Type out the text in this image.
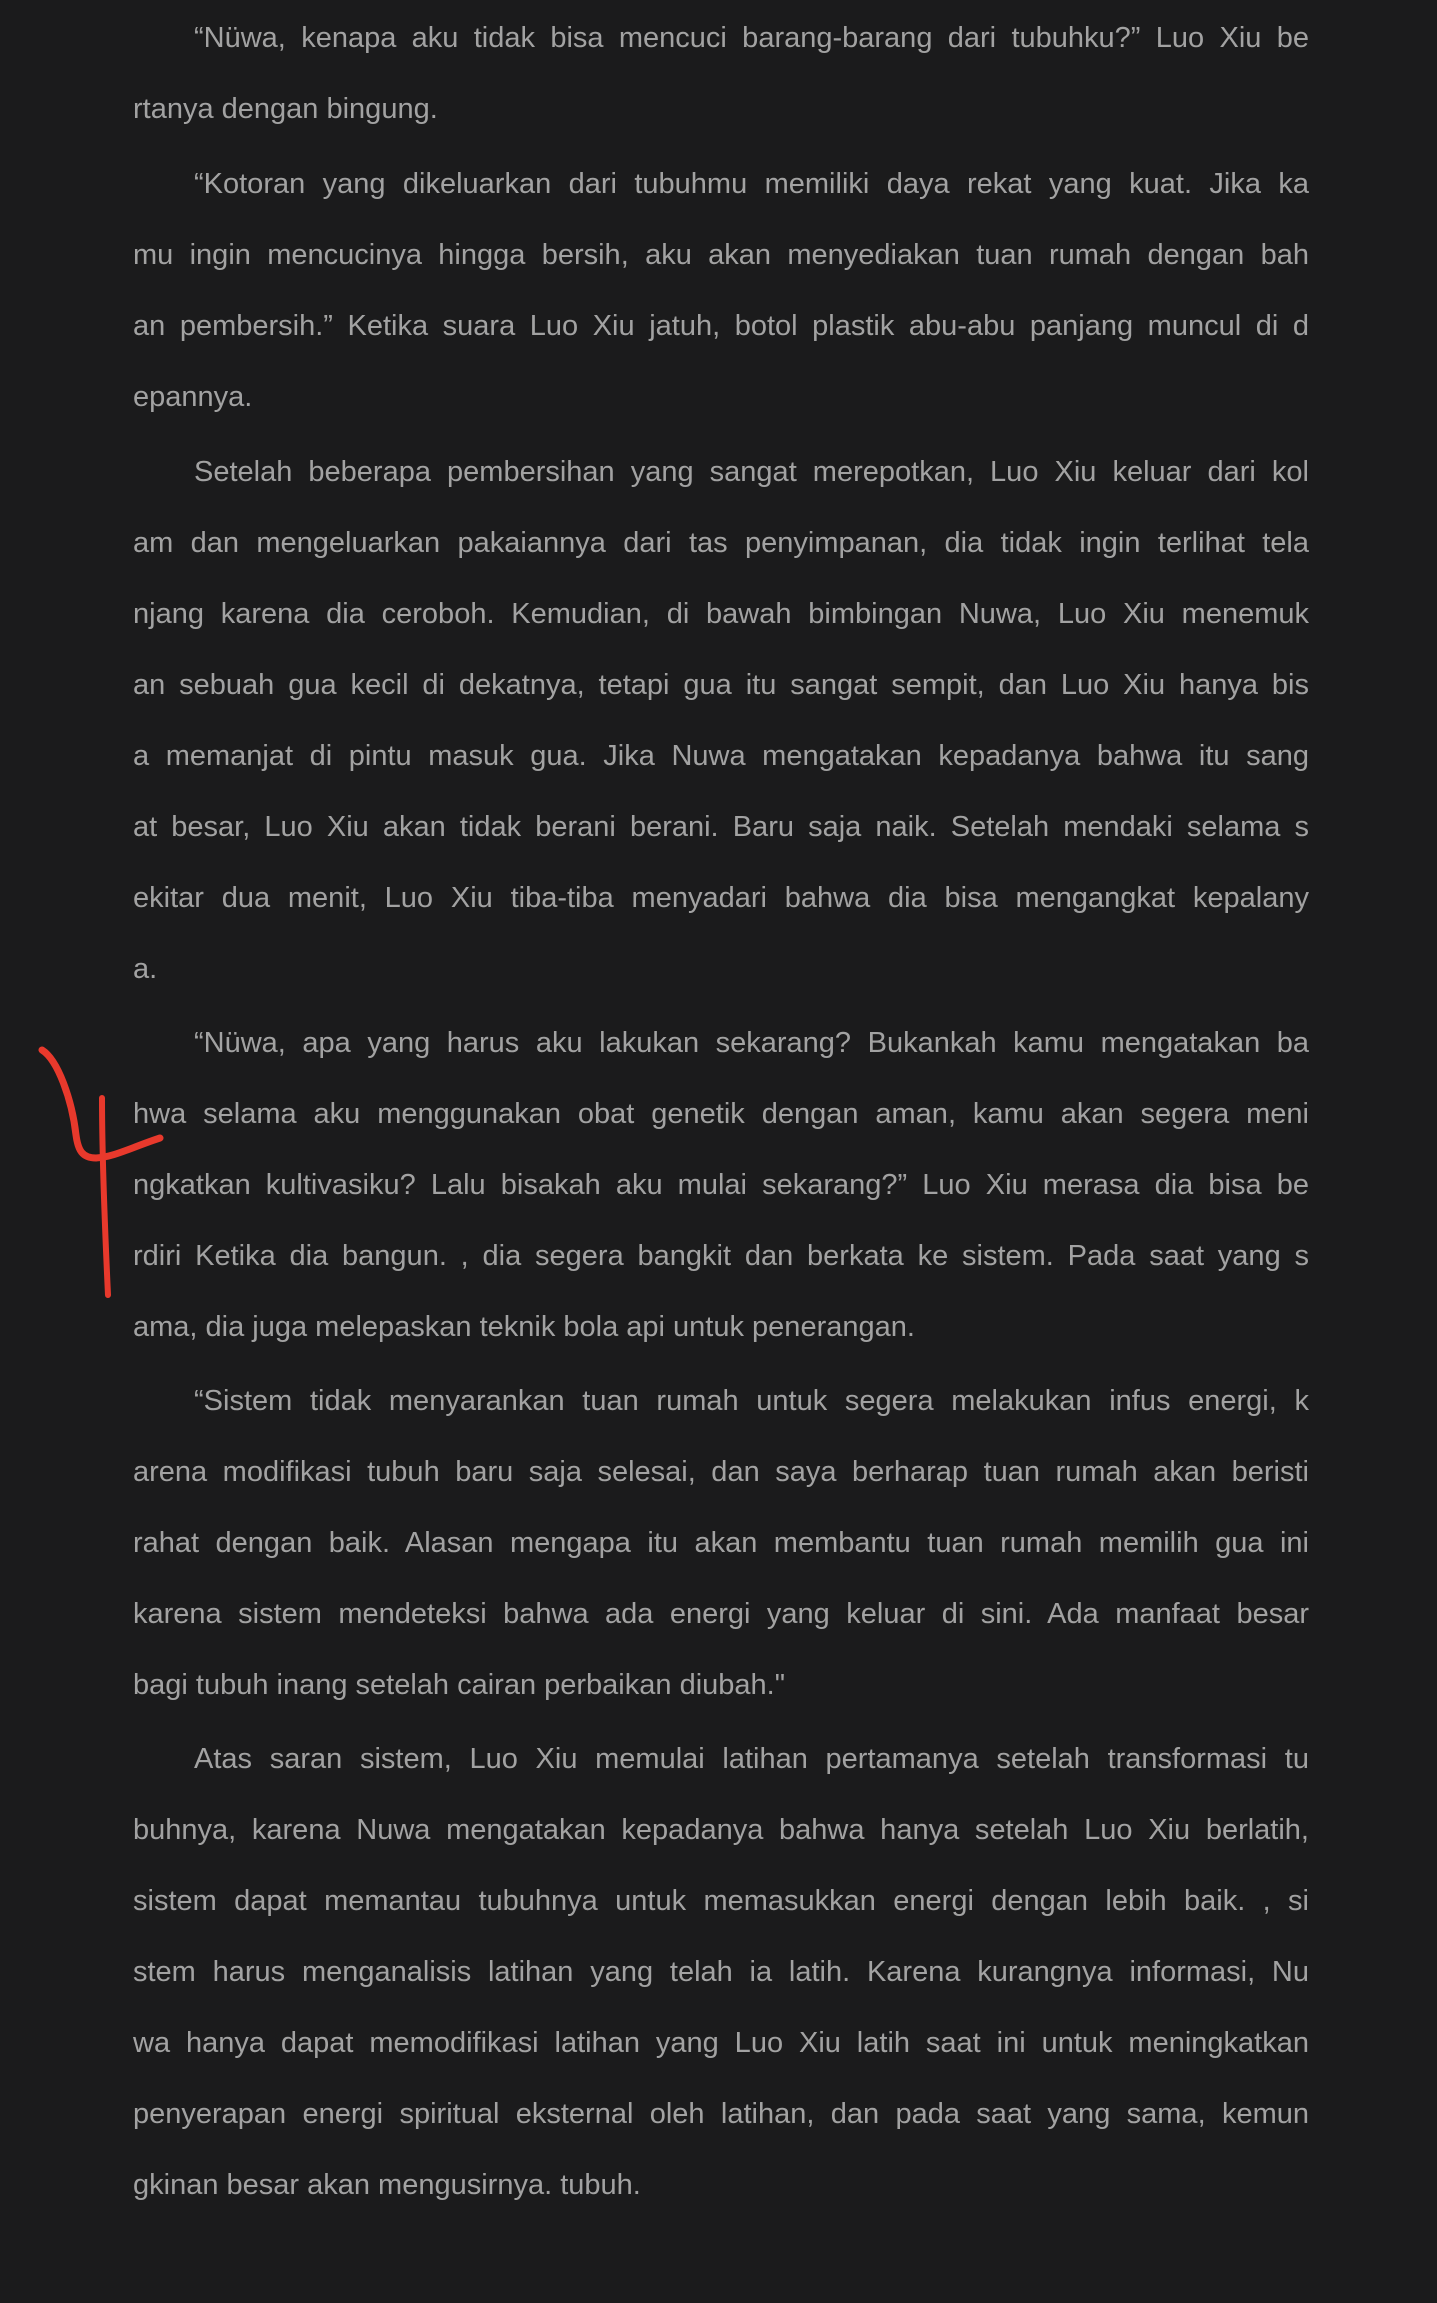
“Nüwa, kenapa aku tidak bisa mencuci barang-barang dari tubuhku?” Luo Xiu be
rtanya dengan bingung.
“Kotoran yang dikeluarkan dari tubuhmu memiliki daya rekat yang kuat. Jika ka
mu ingin mencucinya hingga bersih, aku akan menyediakan tuan rumah dengan bah
an pembersih.” Ketika suara Luo Xiu jatuh, botol plastik abu-abu panjang muncul di d
epannya.
Setelah beberapa pembersihan yang sangat merepotkan, Luo Xiu keluar dari kol
am dan mengeluarkan pakaiannya dari tas penyimpanan, dia tidak ingin terlihat tela
njang karena dia ceroboh. Kemudian, di bawah bimbingan Nuwa, Luo Xiu menemuk
an sebuah gua kecil di dekatnya, tetapi gua itu sangat sempit, dan Luo Xiu hanya bis
a memanjat di pintu masuk gua. Jika Nuwa mengatakan kepadanya bahwa itu sang
at besar, Luo Xiu akan tidak berani berani. Baru saja naik. Setelah mendaki selama s
ekitar dua menit, Luo Xiu tiba-tiba menyadari bahwa dia bisa mengangkat kepalany
a.
“Nüwa, apa yang harus aku lakukan sekarang? Bukankah kamu mengatakan ba
hwa selama aku menggunakan obat genetik dengan aman, kamu akan segera meni
ngkatkan kultivasiku? Lalu bisakah aku mulai sekarang?” Luo Xiu merasa dia bisa be
rdiri Ketika dia bangun. , dia segera bangkit dan berkata ke sistem. Pada saat yang s
ama, dia juga melepaskan teknik bola api untuk penerangan.
“Sistem tidak menyarankan tuan rumah untuk segera melakukan infus energi, k
arena modifikasi tubuh baru saja selesai, dan saya berharap tuan rumah akan beristi
rahat dengan baik. Alasan mengapa itu akan membantu tuan rumah memilih gua ini
karena sistem mendeteksi bahwa ada energi yang keluar di sini. Ada manfaat besar
bagi tubuh inang setelah cairan perbaikan diubah."
Atas saran sistem, Luo Xiu memulai latihan pertamanya setelah transformasi tu
buhnya, karena Nuwa mengatakan kepadanya bahwa hanya setelah Luo Xiu berlatih,
sistem dapat memantau tubuhnya untuk memasukkan energi dengan lebih baik. , si
stem harus menganalisis latihan yang telah ia latih. Karena kurangnya informasi, Nu
wa hanya dapat memodifikasi latihan yang Luo Xiu latih saat ini untuk meningkatkan
penyerapan energi spiritual eksternal oleh latihan, dan pada saat yang sama, kemun
gkinan besar akan mengusirnya. tubuh.
